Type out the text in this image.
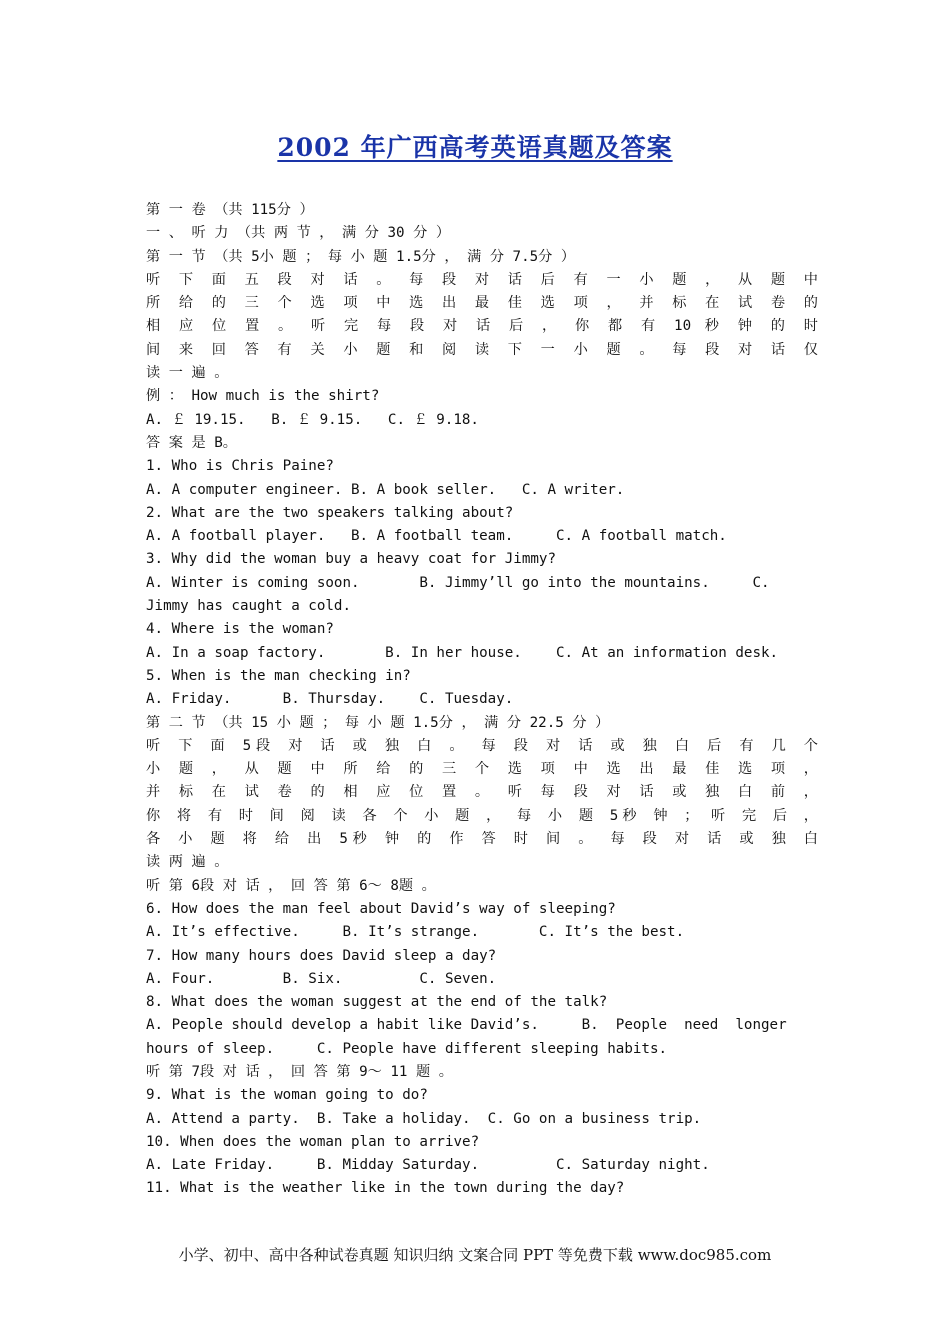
2002 年广西高考英语真题及答案
第 一 卷 （共 115分 ）
一 、 听 力 （共 两 节 ， 满 分 30 分 ）
第 一 节 （共 5小 题 ； 每 小 题 1.5分 ， 满 分 7.5分 ）
听 下 面 五 段 对 话 。 每 段 对 话 后 有 一 小 题 ， 从 题 中
所 给 的 三 个 选 项 中 选 出 最 佳 选 项 ， 并 标 在 试 卷 的
相 应 位 置 。 听 完 每 段 对 话 后 ， 你 都 有 10 秒 钟 的 时
间 来 回 答 有 关 小 题 和 阅 读 下 一 小 题 。 每 段 对 话 仅
读 一 遍 。
例 ： How much is the shirt?
A. ￡ 19.15.   B. ￡ 9.15.   C. ￡ 9.18.
答 案 是 B。
1. Who is Chris Paine?
A. A computer engineer. B. A book seller.   C. A writer.
2. What are the two speakers talking about?
A. A football player.   B. A football team.     C. A football match.
3. Why did the woman buy a heavy coat for Jimmy?
A. Winter is coming soon.       B. Jimmy’ll go into the mountains.     C.
Jimmy has caught a cold.
4. Where is the woman?
A. In a soap factory.       B. In her house.    C. At an information desk.
5. When is the man checking in?
A. Friday.      B. Thursday.    C. Tuesday.
第 二 节 （共 15 小 题 ； 每 小 题 1.5分 ， 满 分 22.5 分 ）
听 下 面 5段 对 话 或 独 白 。 每 段 对 话 或 独 白 后 有 几 个
小 题 ， 从 题 中 所 给 的 三 个 选 项 中 选 出 最 佳 选 项 ，
并 标 在 试 卷 的 相 应 位 置 。 听 每 段 对 话 或 独 白 前 ，
你 将 有 时 间 阅 读 各 个 小 题 ， 每 小 题 5秒 钟 ； 听 完 后 ，
各 小 题 将 给 出 5秒 钟 的 作 答 时 间 。 每 段 对 话 或 独 白
读 两 遍 。
听 第 6段 对 话 ， 回 答 第 6～ 8题 。
6. How does the man feel about David’s way of sleeping?
A. It’s effective.     B. It’s strange.       C. It’s the best.
7. How many hours does David sleep a day?
A. Four.        B. Six.         C. Seven.
8. What does the woman suggest at the end of the talk?
A. People should develop a habit like David’s.     B.  People  need  longer
hours of sleep.     C. People have different sleeping habits.
听 第 7段 对 话 ， 回 答 第 9～ 11 题 。
9. What is the woman going to do?
A. Attend a party.  B. Take a holiday.  C. Go on a business trip.
10. When does the woman plan to arrive?
A. Late Friday.     B. Midday Saturday.         C. Saturday night.
11. What is the weather like in the town during the day?
小学、初中、高中各种试卷真题 知识归纳 文案合同 PPT 等免费下载 www.doc985.com
